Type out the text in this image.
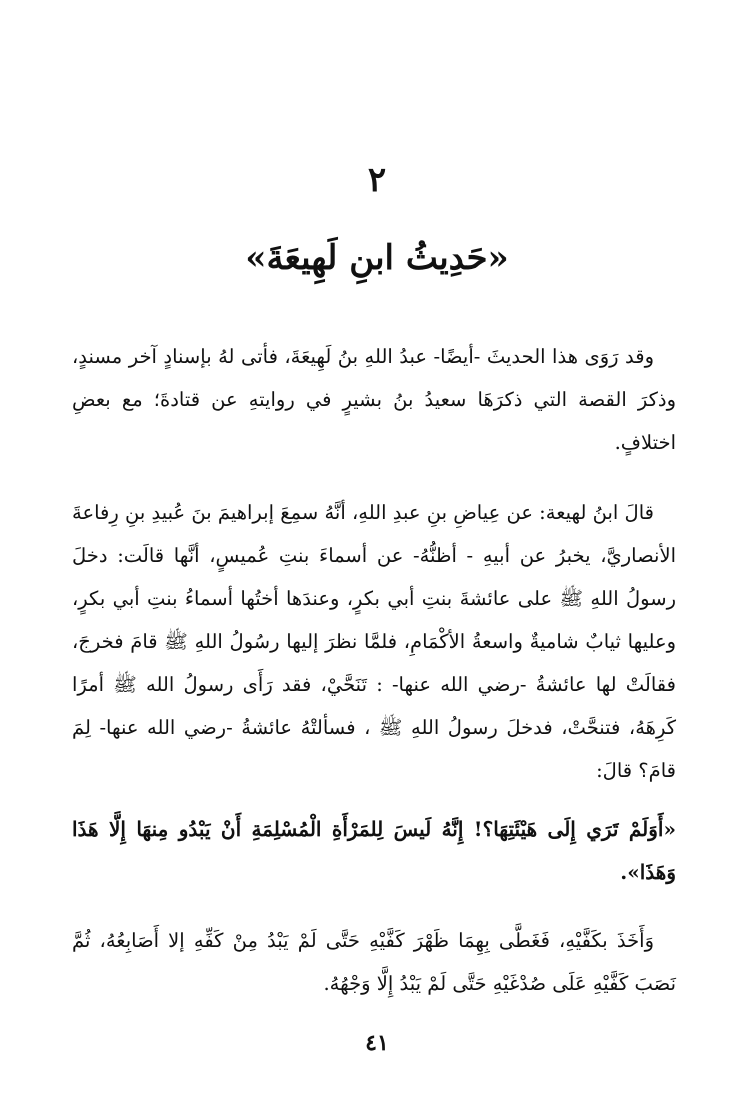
٢
«حَدِيثُ ابنِ لَهِيعَةَ»

وقد رَوَى هذا الحديثَ -أيضًا- عبدُ اللهِ بنُ لَهِيعَةَ، فأتى لهُ بإسنادٍ آخر مسندٍ، وذكرَ القصة التي ذكرَهَا سعيدُ بنُ بشيرٍ في روايتهِ عن قتادةَ؛ مع بعضِ اختلافٍ.

قالَ ابنُ لهيعة: عن عِياضِ بنِ عبدِ اللهِ، أنَّهُ سمِعَ إبراهيمَ بنَ عُبيدِ بنِ رِفاعةَ الأنصاريَّ، يخبرُ عن أبيهِ - أظنُّهُ- عن أسماءَ بنتِ عُميسٍ، أنَّها قالَت: دخلَ رسولُ اللهِ ﷺ على عائشةَ بنتِ أبي بكرٍ، وعندَها أختُها أسماءُ بنتِ أبي بكرٍ، وعليها ثيابٌ شاميةٌ واسعةُ الأكْمَامِ، فلمَّا نظرَ إليها رسُولُ اللهِ ﷺ قامَ فخرجَ، فقالَتْ لها عائشةُ -رضي الله عنها- : تَنَحَّيْ، فقد رَأَى رسولُ الله ﷺ أمرًا كَرِهَهُ، فتنحَّتْ، فدخلَ رسولُ اللهِ ﷺ ، فسألتْهُ عائشةُ -رضي الله عنها- لِمَ قامَ؟ قالَ:

«أَوَلَمْ تَرَي إِلَى هَيْئَتِهَا؟! إِنَّهُ لَيسَ لِلمَرْأَةِ الْمُسْلِمَةِ أَنْ يَبْدُو مِنهَا إِلَّا هَذَا وَهَذَا».

وَأَخَذَ بكَفَّيْهِ، فَغَطَّى بِهِمَا ظَهْرَ كَفَّيْهِ حَتَّى لَمْ يَبْدُ مِنْ كَفِّهِ إلا أَصَابِعُهُ، ثُمَّ نَصَبَ كَفَّيْهِ عَلَى صُدْغَيْهِ حَتَّى لَمْ يَبْدُ إِلَّا وَجْهُهُ.

٤١
